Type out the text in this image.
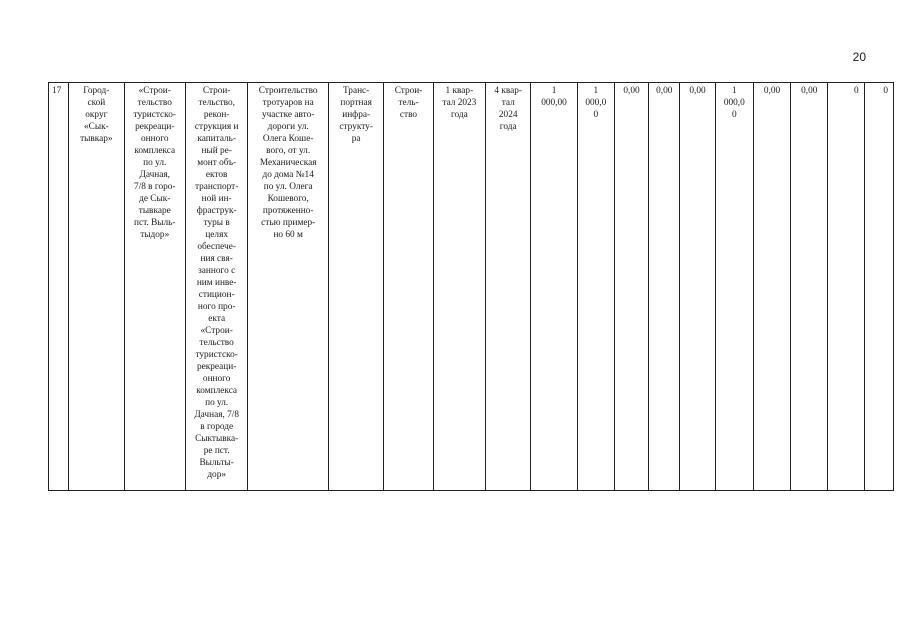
20
17	Город-
ской
округ
«Сык-
тывкар»	«Строи-
тельство
туристско-
рекреаци-
онного
комплекса
по ул.
Дачная,
7/8 в горо-
де Сык-
тывкаре
пст. Выль-
тыдор»	Строи-
тельство,
рекон-
струкция и
капиталь-
ный ре-
монт объ-
ектов
транспорт-
ной ин-
фраструк-
туры в
целях
обеспече-
ния свя-
занного с
ним инве-
стицион-
ного про-
екта
«Строи-
тельство
туристско-
рекреаци-
онного
комплекса
по ул.
Дачная, 7/8
в городе
Сыктывка-
ре пст.
Выльты-
дор»	Строительство
тротуаров на
участке авто-
дороги ул.
Олега Коше-
вого, от ул.
Механическая
до дома №14
по ул. Олега
Кошевого,
протяженно-
стью пример-
но 60 м	Транс-
портная
инфра-
структу-
ра	Строи-
тель-
ство	1 квар-
тал 2023
года	4 квар-
тал
2024
года	1
000,00	1
000,0
0	0,00	0,00	0,00	1
000,0
0	0,00	0,00	0	0
